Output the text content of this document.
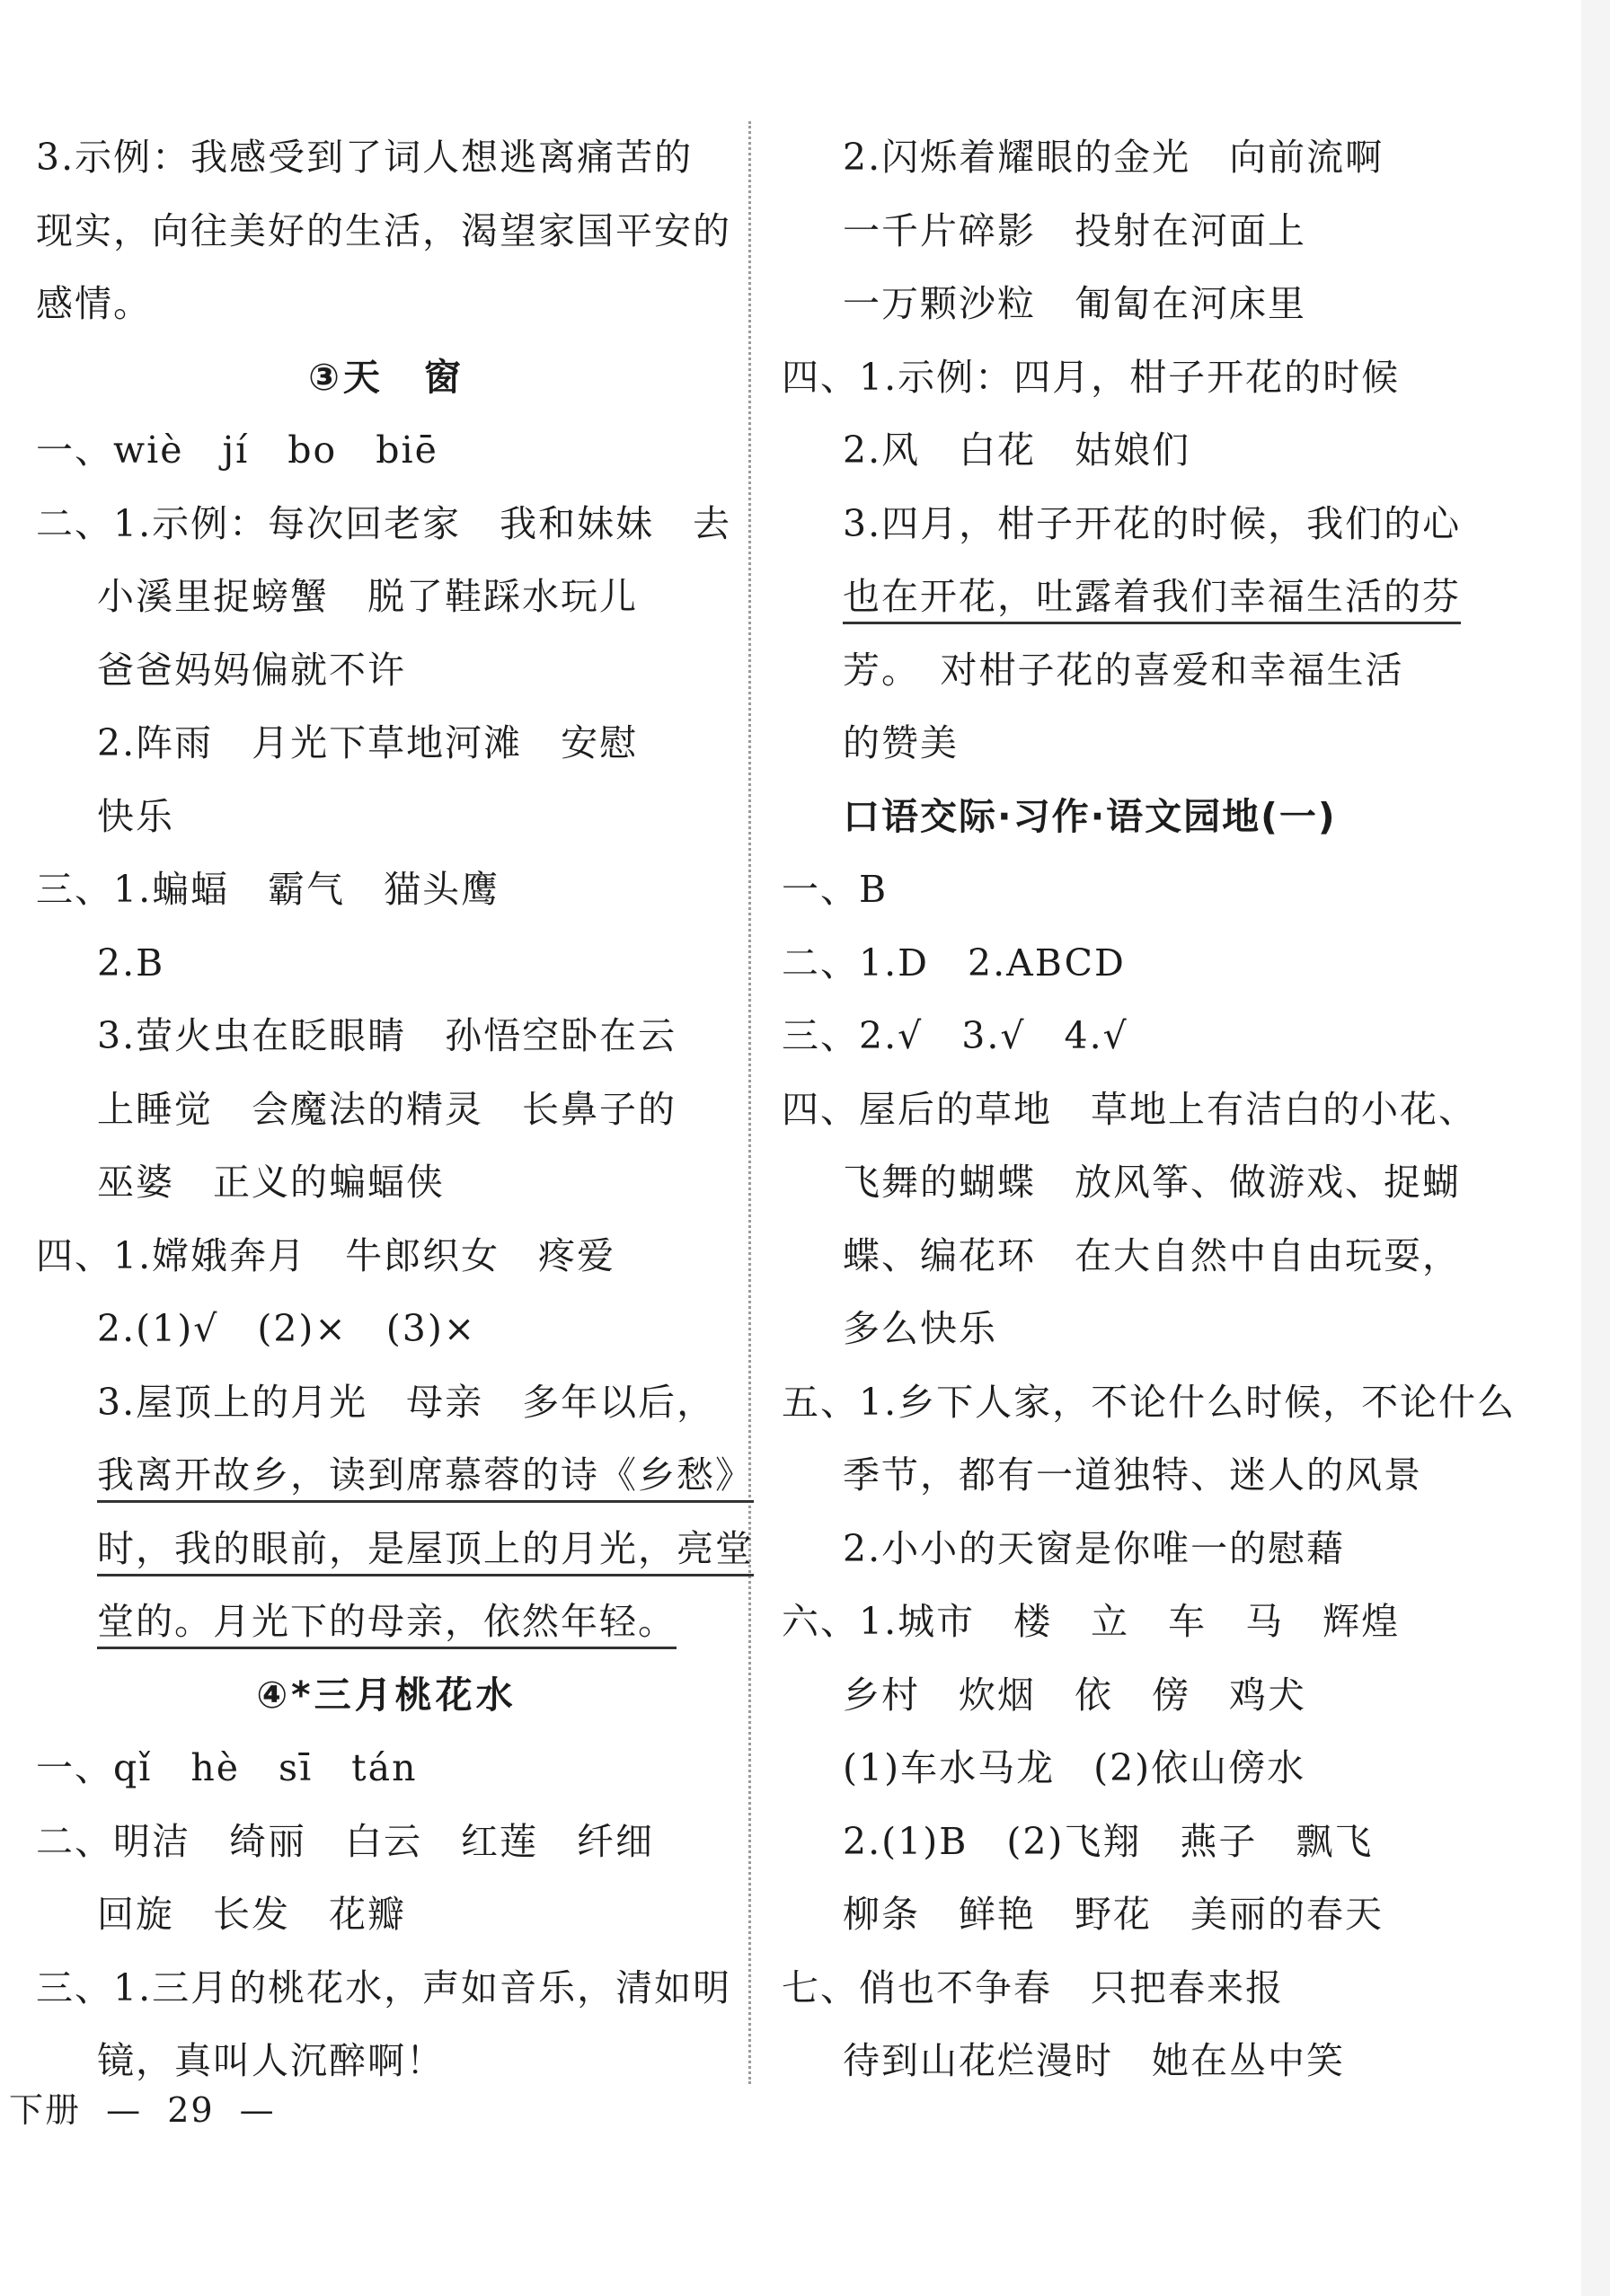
3.示例：我感受到了词人想逃离痛苦的
现实，向往美好的生活，渴望家国平安的
感情。
③天　窗
一、wiè　jí　bo　biē
二、1.示例：每次回老家　我和妹妹　去
小溪里捉螃蟹　脱了鞋踩水玩儿
爸爸妈妈偏就不许
2.阵雨　月光下草地河滩　安慰
快乐
三、1.蝙蝠　霸气　猫头鹰
2.B
3.萤火虫在眨眼睛　孙悟空卧在云
上睡觉　会魔法的精灵　长鼻子的
巫婆　正义的蝙蝠侠
四、1.嫦娥奔月　牛郎织女　疼爱
2.(1)√　(2)×　(3)×
3.屋顶上的月光　母亲　多年以后，
我离开故乡，读到席慕蓉的诗《乡愁》
时，我的眼前，是屋顶上的月光，亮堂
堂的。月光下的母亲，依然年轻。
④*三月桃花水
一、qǐ　hè　sī　tán
二、明洁　绮丽　白云　红莲　纤细
回旋　长发　花瓣
三、1.三月的桃花水，声如音乐，清如明
镜，真叫人沉醉啊！
2.闪烁着耀眼的金光　向前流啊
一千片碎影　投射在河面上
一万颗沙粒　匍匐在河床里
四、1.示例：四月，柑子开花的时候
2.风　白花　姑娘们
3.四月，柑子开花的时候，我们的心
也在开花，吐露着我们幸福生活的芬
芳。　对柑子花的喜爱和幸福生活
的赞美
口语交际·习作·语文园地(一)
一、B
二、1.D　2.ABCD
三、2.√　3.√　4.√
四、屋后的草地　草地上有洁白的小花、
飞舞的蝴蝶　放风筝、做游戏、捉蝴
蝶、编花环　在大自然中自由玩耍，
多么快乐
五、1.乡下人家，不论什么时候，不论什么
季节，都有一道独特、迷人的风景
2.小小的天窗是你唯一的慰藉
六、1.城市　楼　立　车　马　辉煌
乡村　炊烟　依　傍　鸡犬
(1)车水马龙　(2)依山傍水
2.(1)B　(2)飞翔　燕子　飘飞
柳条　鲜艳　野花　美丽的春天
七、俏也不争春　只把春来报
待到山花烂漫时　她在丛中笑
下册 — 29 —
